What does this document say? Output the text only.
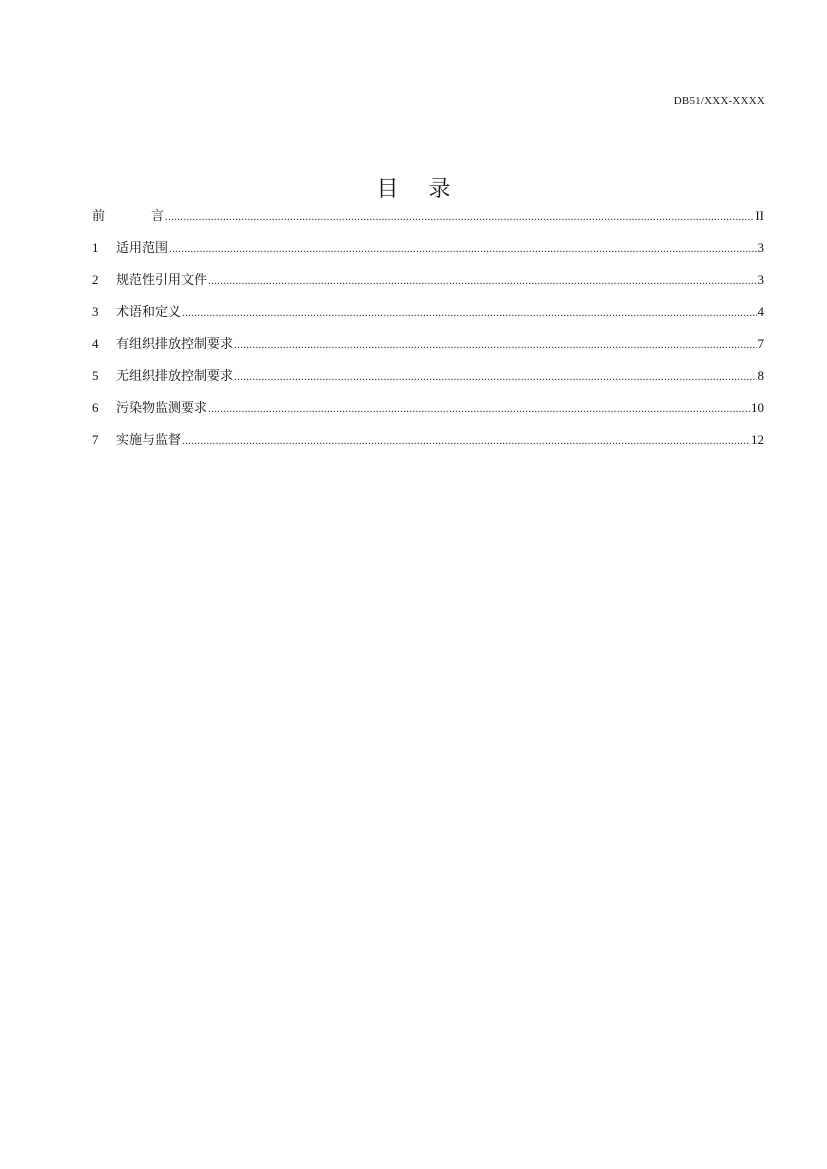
DB51/XXX-XXXX
目 录
前	言 .....	II
1	适用范围 .....	3
2	规范性引用文件 .....	3
3	术语和定义 .....	4
4	有组织排放控制要求 .....	7
5	无组织排放控制要求 .....	8
6	污染物监测要求 .....	10
7	实施与监督 .....	12
